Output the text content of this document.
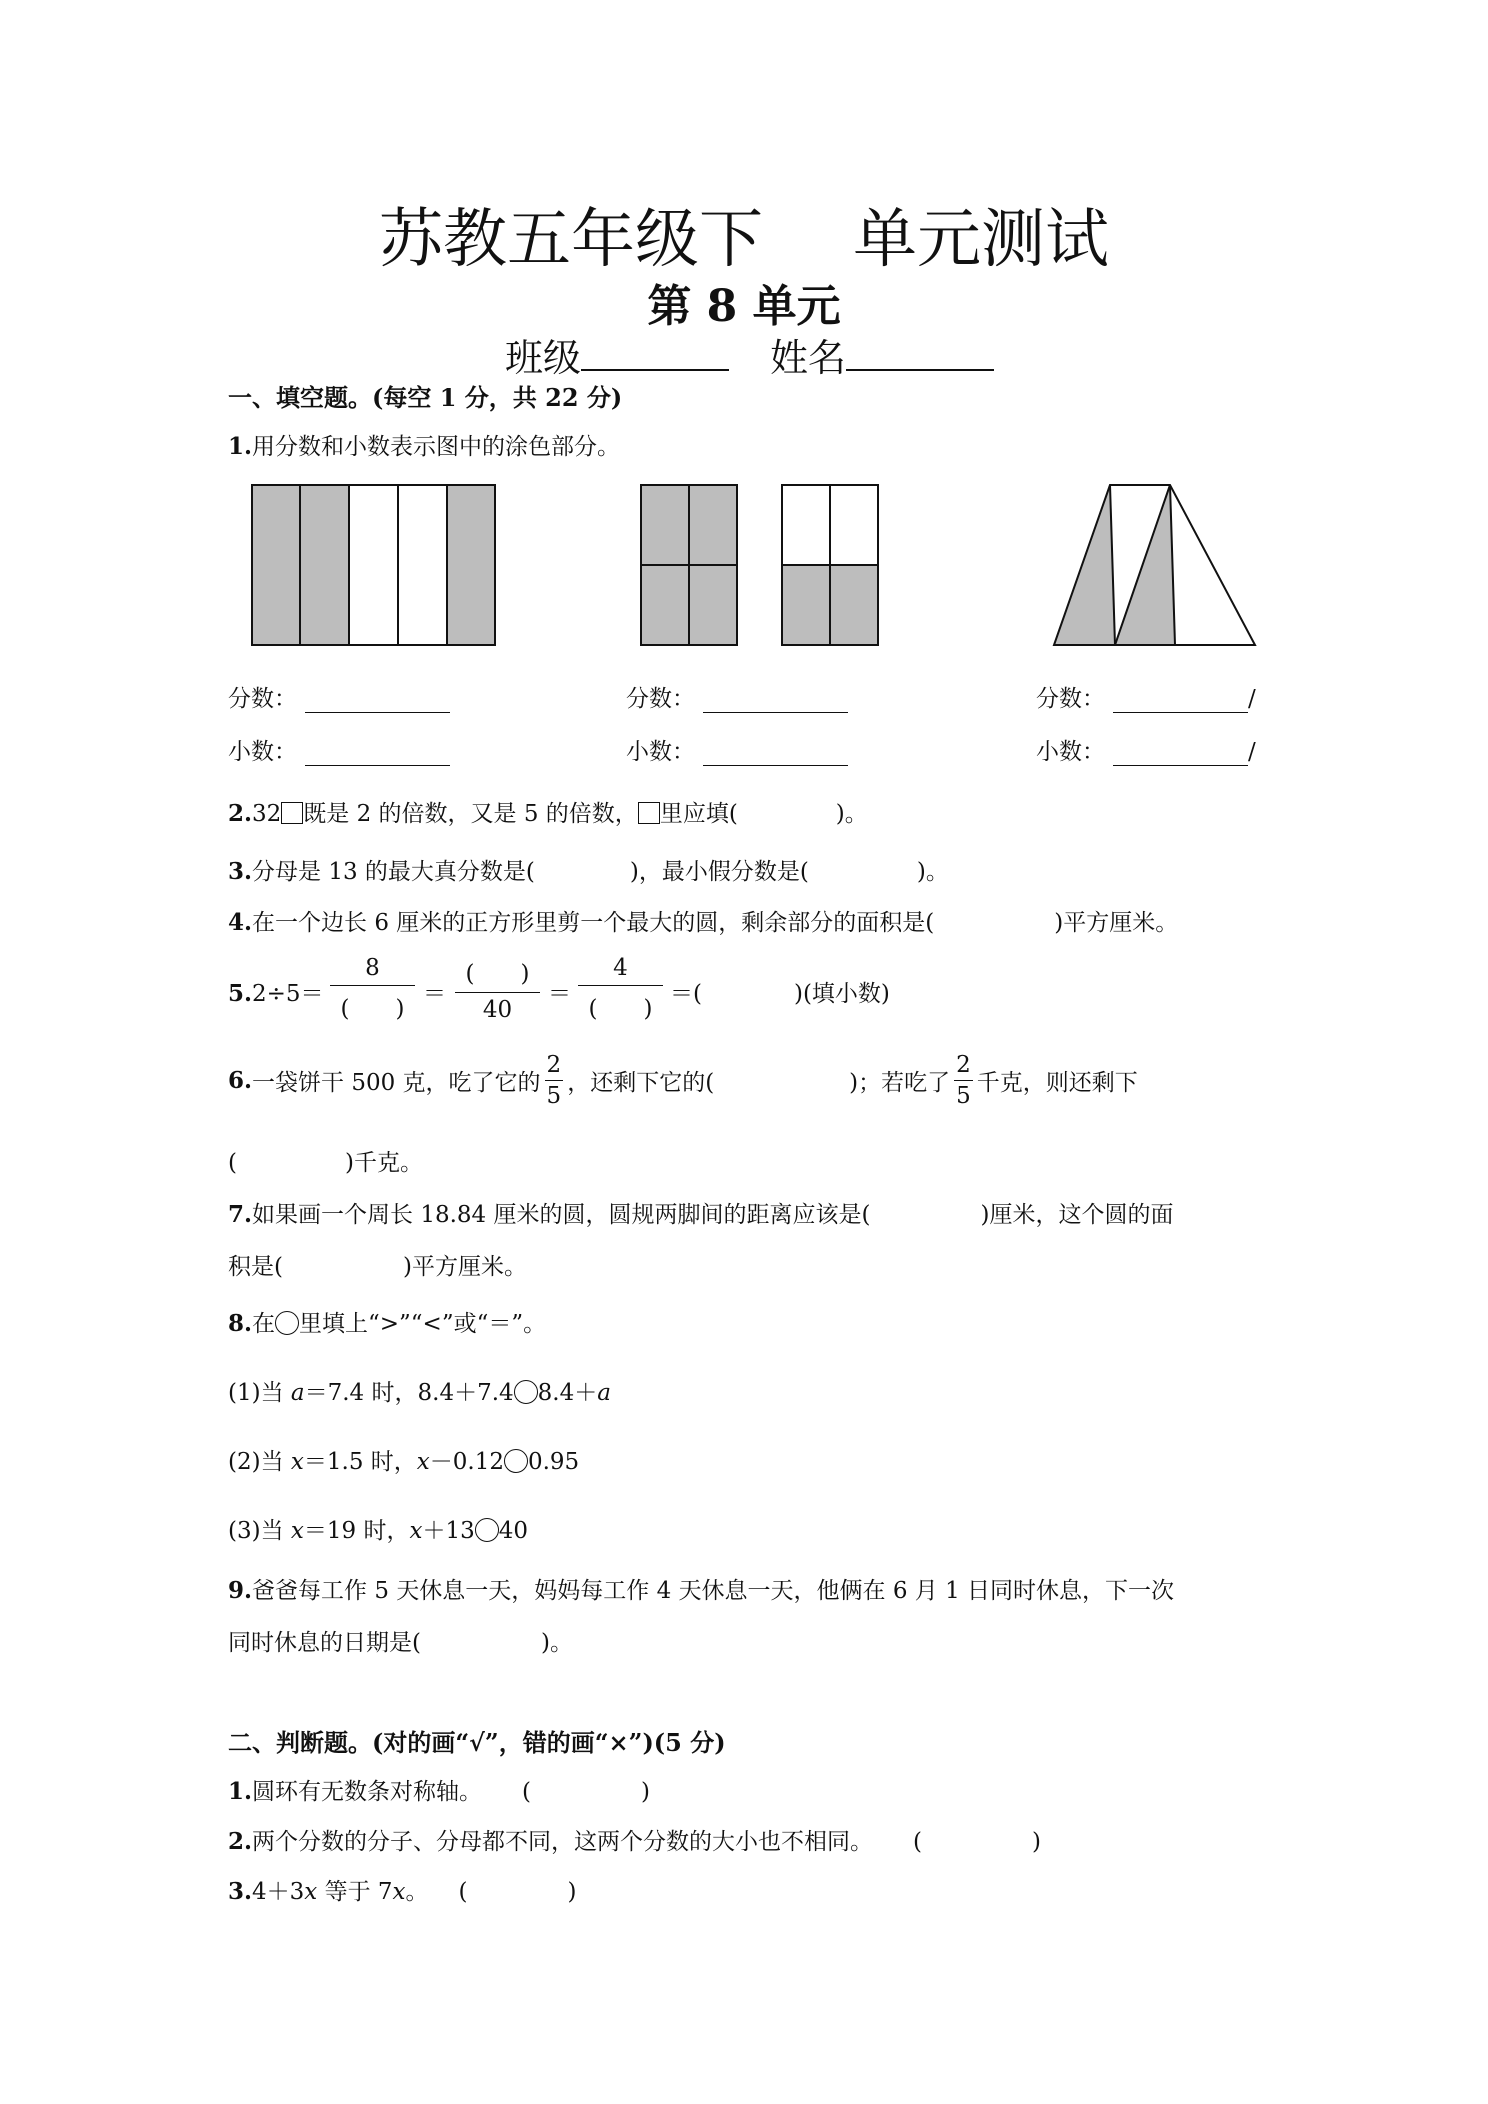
苏教五年级下 单元测试
第 8 单元
班级	姓名
一、填空题。(每空 1 分，共 22 分)
1.用分数和小数表示图中的涂色部分。
分数：	分数：	分数：	/
小数：	小数：	小数：	/
2.32 既是 2 的倍数，又是 5 的倍数， 里应填(	)。
3.分母是 13 的最大真分数是(	)，最小假分数是(	)。
4.在一个边长 6 厘米的正方形里剪一个最大的圆，剩余部分的面积是(	)平方厘米。
5.2÷5＝
8
(　　)
＝
(　　)
40
＝
4
(　　)
＝(	)(填小数)
6.一袋饼干 500 克，吃了它的 $\frac{2}{5}$ ，还剩下它的(	)；若吃了 $\frac{2}{5}$ 千克，则还剩下
(	)千克。
7.如果画一个周长 18.84 厘米的圆，圆规两脚间的距离应该是(	)厘米，这个圆的面
积是(	)平方厘米。
8.在 里填上“>”“<”或“＝”。
(1)当 a＝7.4 时，8.4＋7.4 8.4＋a
(2)当 x＝1.5 时，x－0.12 0.95
(3)当 x＝19 时，x＋13 40
9.爸爸每工作 5 天休息一天，妈妈每工作 4 天休息一天，他俩在 6 月 1 日同时休息，下一次
同时休息的日期是(	)。
二、判断题。(对的画“√”，错的画“×”)(5 分)
1.圆环有无数条对称轴。 (	)
2.两个分数的分子、分母都不同，这两个分数的大小也不相同。 (	)
3.4＋3x 等于 7x。 (	)
